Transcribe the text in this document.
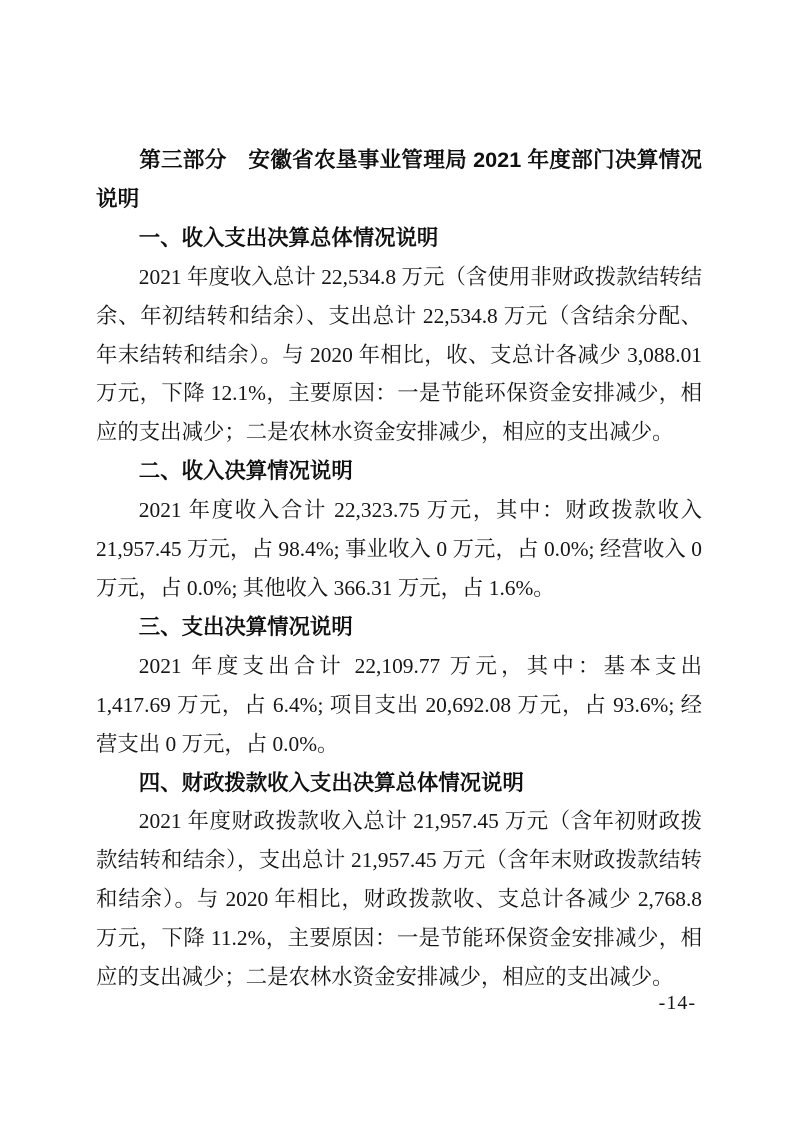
第三部分　安徽省农垦事业管理局 2021 年度部门决算情况说明
一、收入支出决算总体情况说明

2021 年度收入总计 22,534.8 万元（含使用非财政拨款结转结余、年初结转和结余）、支出总计 22,534.8 万元（含结余分配、年末结转和结余）。与 2020 年相比，收、支总计各减少 3,088.01 万元，下降 12.1%，主要原因：一是节能环保资金安排减少，相应的支出减少；二是农林水资金安排减少，相应的支出减少。

二、收入决算情况说明

2021 年度收入合计 22,323.75 万元，其中：财政拨款收入 21,957.45 万元，占 98.4%; 事业收入 0 万元，占 0.0%; 经营收入 0 万元，占 0.0%; 其他收入 366.31 万元，占 1.6%。

三、支出决算情况说明

2021 年度支出合计 22,109.77 万元，其中：基本支出 1,417.69 万元，占 6.4%; 项目支出 20,692.08 万元，占 93.6%; 经营支出 0 万元，占 0.0%。

四、财政拨款收入支出决算总体情况说明

2021 年度财政拨款收入总计 21,957.45 万元（含年初财政拨款结转和结余），支出总计 21,957.45 万元（含年末财政拨款结转和结余）。与 2020 年相比，财政拨款收、支总计各减少 2,768.8 万元，下降 11.2%，主要原因：一是节能环保资金安排减少，相应的支出减少；二是农林水资金安排减少，相应的支出减少。

-14-
